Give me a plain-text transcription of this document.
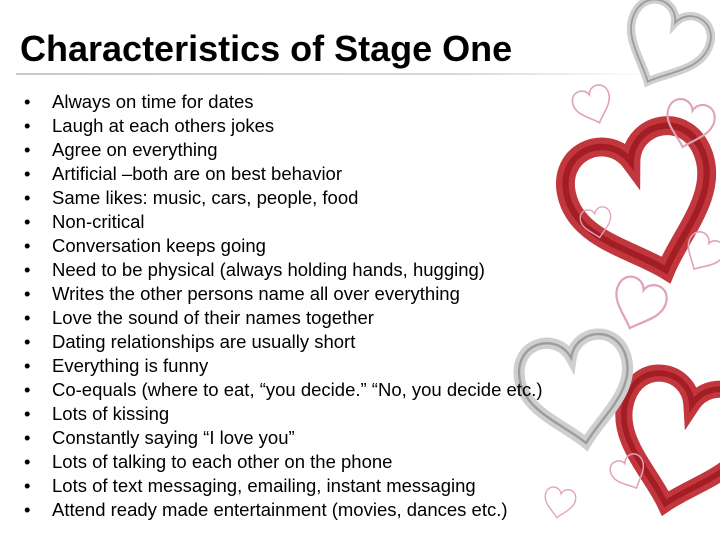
Characteristics of Stage One
•	Always on time for dates
•	Laugh at each others jokes
•	Agree on everything
•	Artificial –both are on best behavior
•	Same likes: music, cars, people, food
•	Non-critical
•	Conversation keeps going
•	Need to be physical (always holding hands, hugging)
•	Writes the other persons name all over everything
•	Love the sound of their names together
•	Dating relationships are usually short
•	Everything is funny
•	Co-equals (where to eat, “you decide.” “No, you decide etc.)
•	Lots of kissing
•	Constantly saying “I love you”
•	Lots of talking to each other on the phone
•	Lots of text messaging, emailing, instant messaging
•	Attend ready made entertainment (movies, dances etc.)
